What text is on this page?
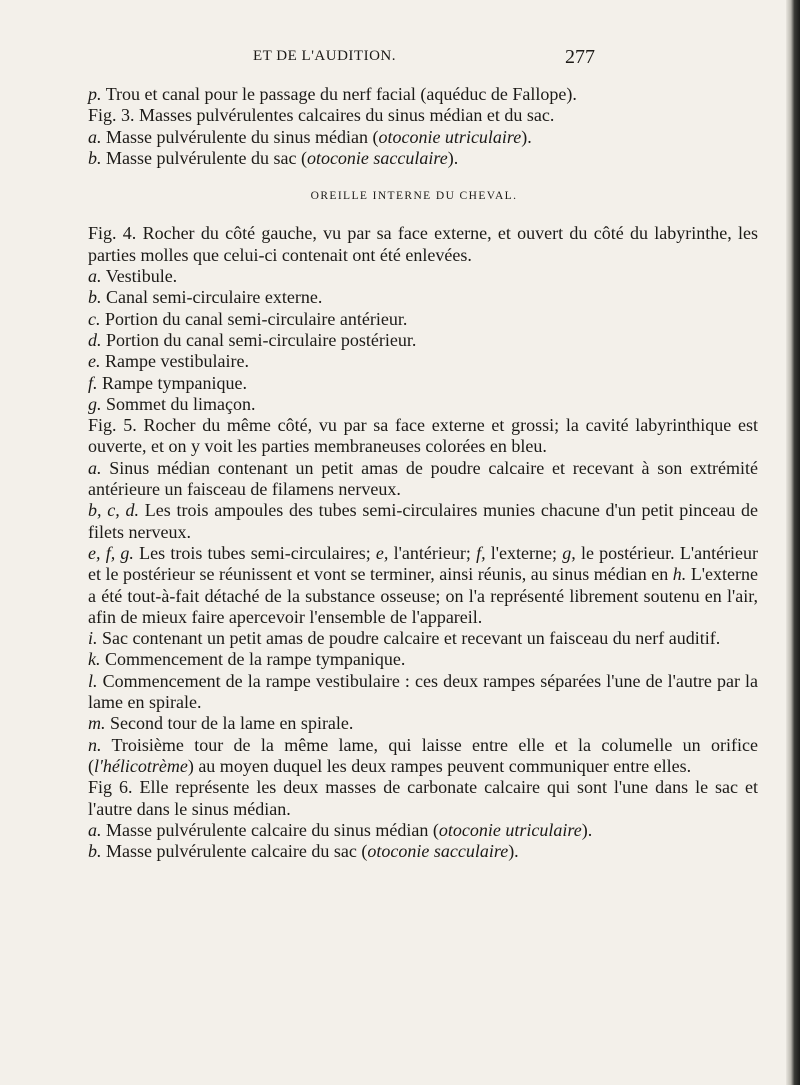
ET DE L'AUDITION.	277

p. Trou et canal pour le passage du nerf facial (aquéduc de Fallope).

Fig. 3. Masses pulvérulentes calcaires du sinus médian et du sac.

a. Masse pulvérulente du sinus médian (otoconie utriculaire).

b. Masse pulvérulente du sac (otoconie sacculaire).

OREILLE INTERNE DU CHEVAL.

Fig. 4. Rocher du côté gauche, vu par sa face externe, et ouvert du côté du labyrinthe, les parties molles que celui-ci contenait ont été enlevées.

a. Vestibule.

b. Canal semi-circulaire externe.

c. Portion du canal semi-circulaire antérieur.

d. Portion du canal semi-circulaire postérieur.

e. Rampe vestibulaire.

f. Rampe tympanique.

g. Sommet du limaçon.

Fig. 5. Rocher du même côté, vu par sa face externe et grossi; la cavité labyrinthique est ouverte, et on y voit les parties membraneuses colorées en bleu.

a. Sinus médian contenant un petit amas de poudre calcaire et recevant à son extrémité antérieure un faisceau de filamens nerveux.

b, c, d. Les trois ampoules des tubes semi-circulaires munies chacune d'un petit pinceau de filets nerveux.

e, f, g. Les trois tubes semi-circulaires; e, l'antérieur; f, l'externe; g, le postérieur. L'antérieur et le postérieur se réunissent et vont se terminer, ainsi réunis, au sinus médian en h. L'externe a été tout-à-fait détaché de la substance osseuse; on l'a représenté librement soutenu en l'air, afin de mieux faire apercevoir l'ensemble de l'appareil.

i. Sac contenant un petit amas de poudre calcaire et recevant un faisceau du nerf auditif.

k. Commencement de la rampe tympanique.

l. Commencement de la rampe vestibulaire : ces deux rampes séparées l'une de l'autre par la lame en spirale.

m. Second tour de la lame en spirale.

n. Troisième tour de la même lame, qui laisse entre elle et la columelle un orifice (l'hélicotrème) au moyen duquel les deux rampes peuvent communiquer entre elles.

Fig 6. Elle représente les deux masses de carbonate calcaire qui sont l'une dans le sac et l'autre dans le sinus médian.

a. Masse pulvérulente calcaire du sinus médian (otoconie utriculaire).

b. Masse pulvérulente calcaire du sac (otoconie sacculaire).
